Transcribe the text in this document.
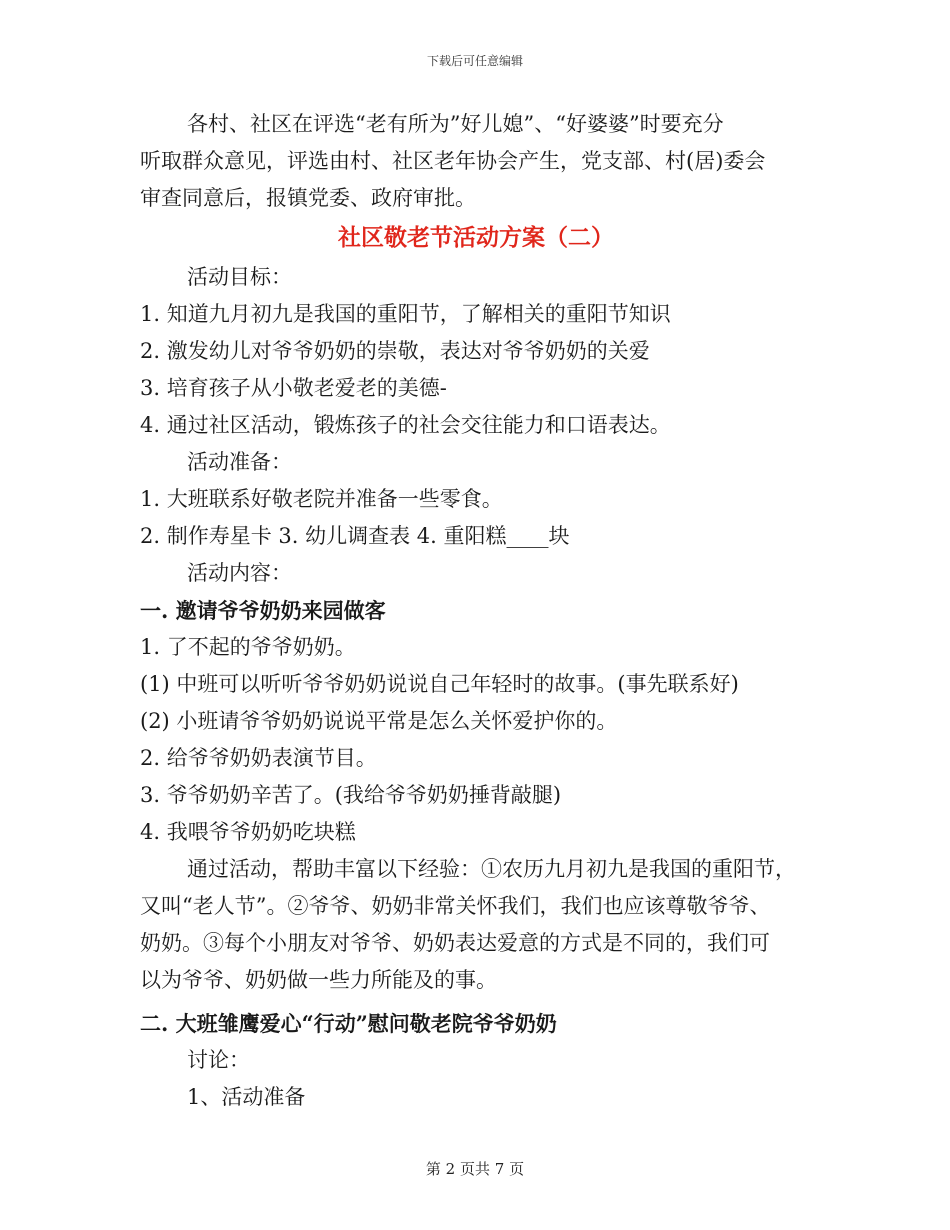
下载后可任意编辑
各村、社区在评选“老有所为”好儿媳”、“好婆婆”时要充分
听取群众意见，评选由村、社区老年协会产生，党支部、村(居)委会
审查同意后，报镇党委、政府审批。
社区敬老节活动方案（二）

活动目标：

1. 知道九月初九是我国的重阳节，了解相关的重阳节知识

2. 激发幼儿对爷爷奶奶的崇敬，表达对爷爷奶奶的关爱

3. 培育孩子从小敬老爱老的美德-

4. 通过社区活动，锻炼孩子的社会交往能力和口语表达。

活动准备：

1. 大班联系好敬老院并准备一些零食。

2. 制作寿星卡 3. 幼儿调查表 4. 重阳糕____块

活动内容：

一. 邀请爷爷奶奶来园做客

1. 了不起的爷爷奶奶。

(1) 中班可以听听爷爷奶奶说说自己年轻时的故事。(事先联系好)

(2) 小班请爷爷奶奶说说平常是怎么关怀爱护你的。

2. 给爷爷奶奶表演节目。

3. 爷爷奶奶辛苦了。(我给爷爷奶奶捶背敲腿)

4. 我喂爷爷奶奶吃块糕

通过活动，帮助丰富以下经验：①农历九月初九是我国的重阳节，
又叫“老人节”。②爷爷、奶奶非常关怀我们，我们也应该尊敬爷爷、
奶奶。③每个小朋友对爷爷、奶奶表达爱意的方式是不同的，我们可
以为爷爷、奶奶做一些力所能及的事。

二. 大班雏鹰爱心“行动”慰问敬老院爷爷奶奶

讨论：

1、活动准备

第 2 页共 7 页
